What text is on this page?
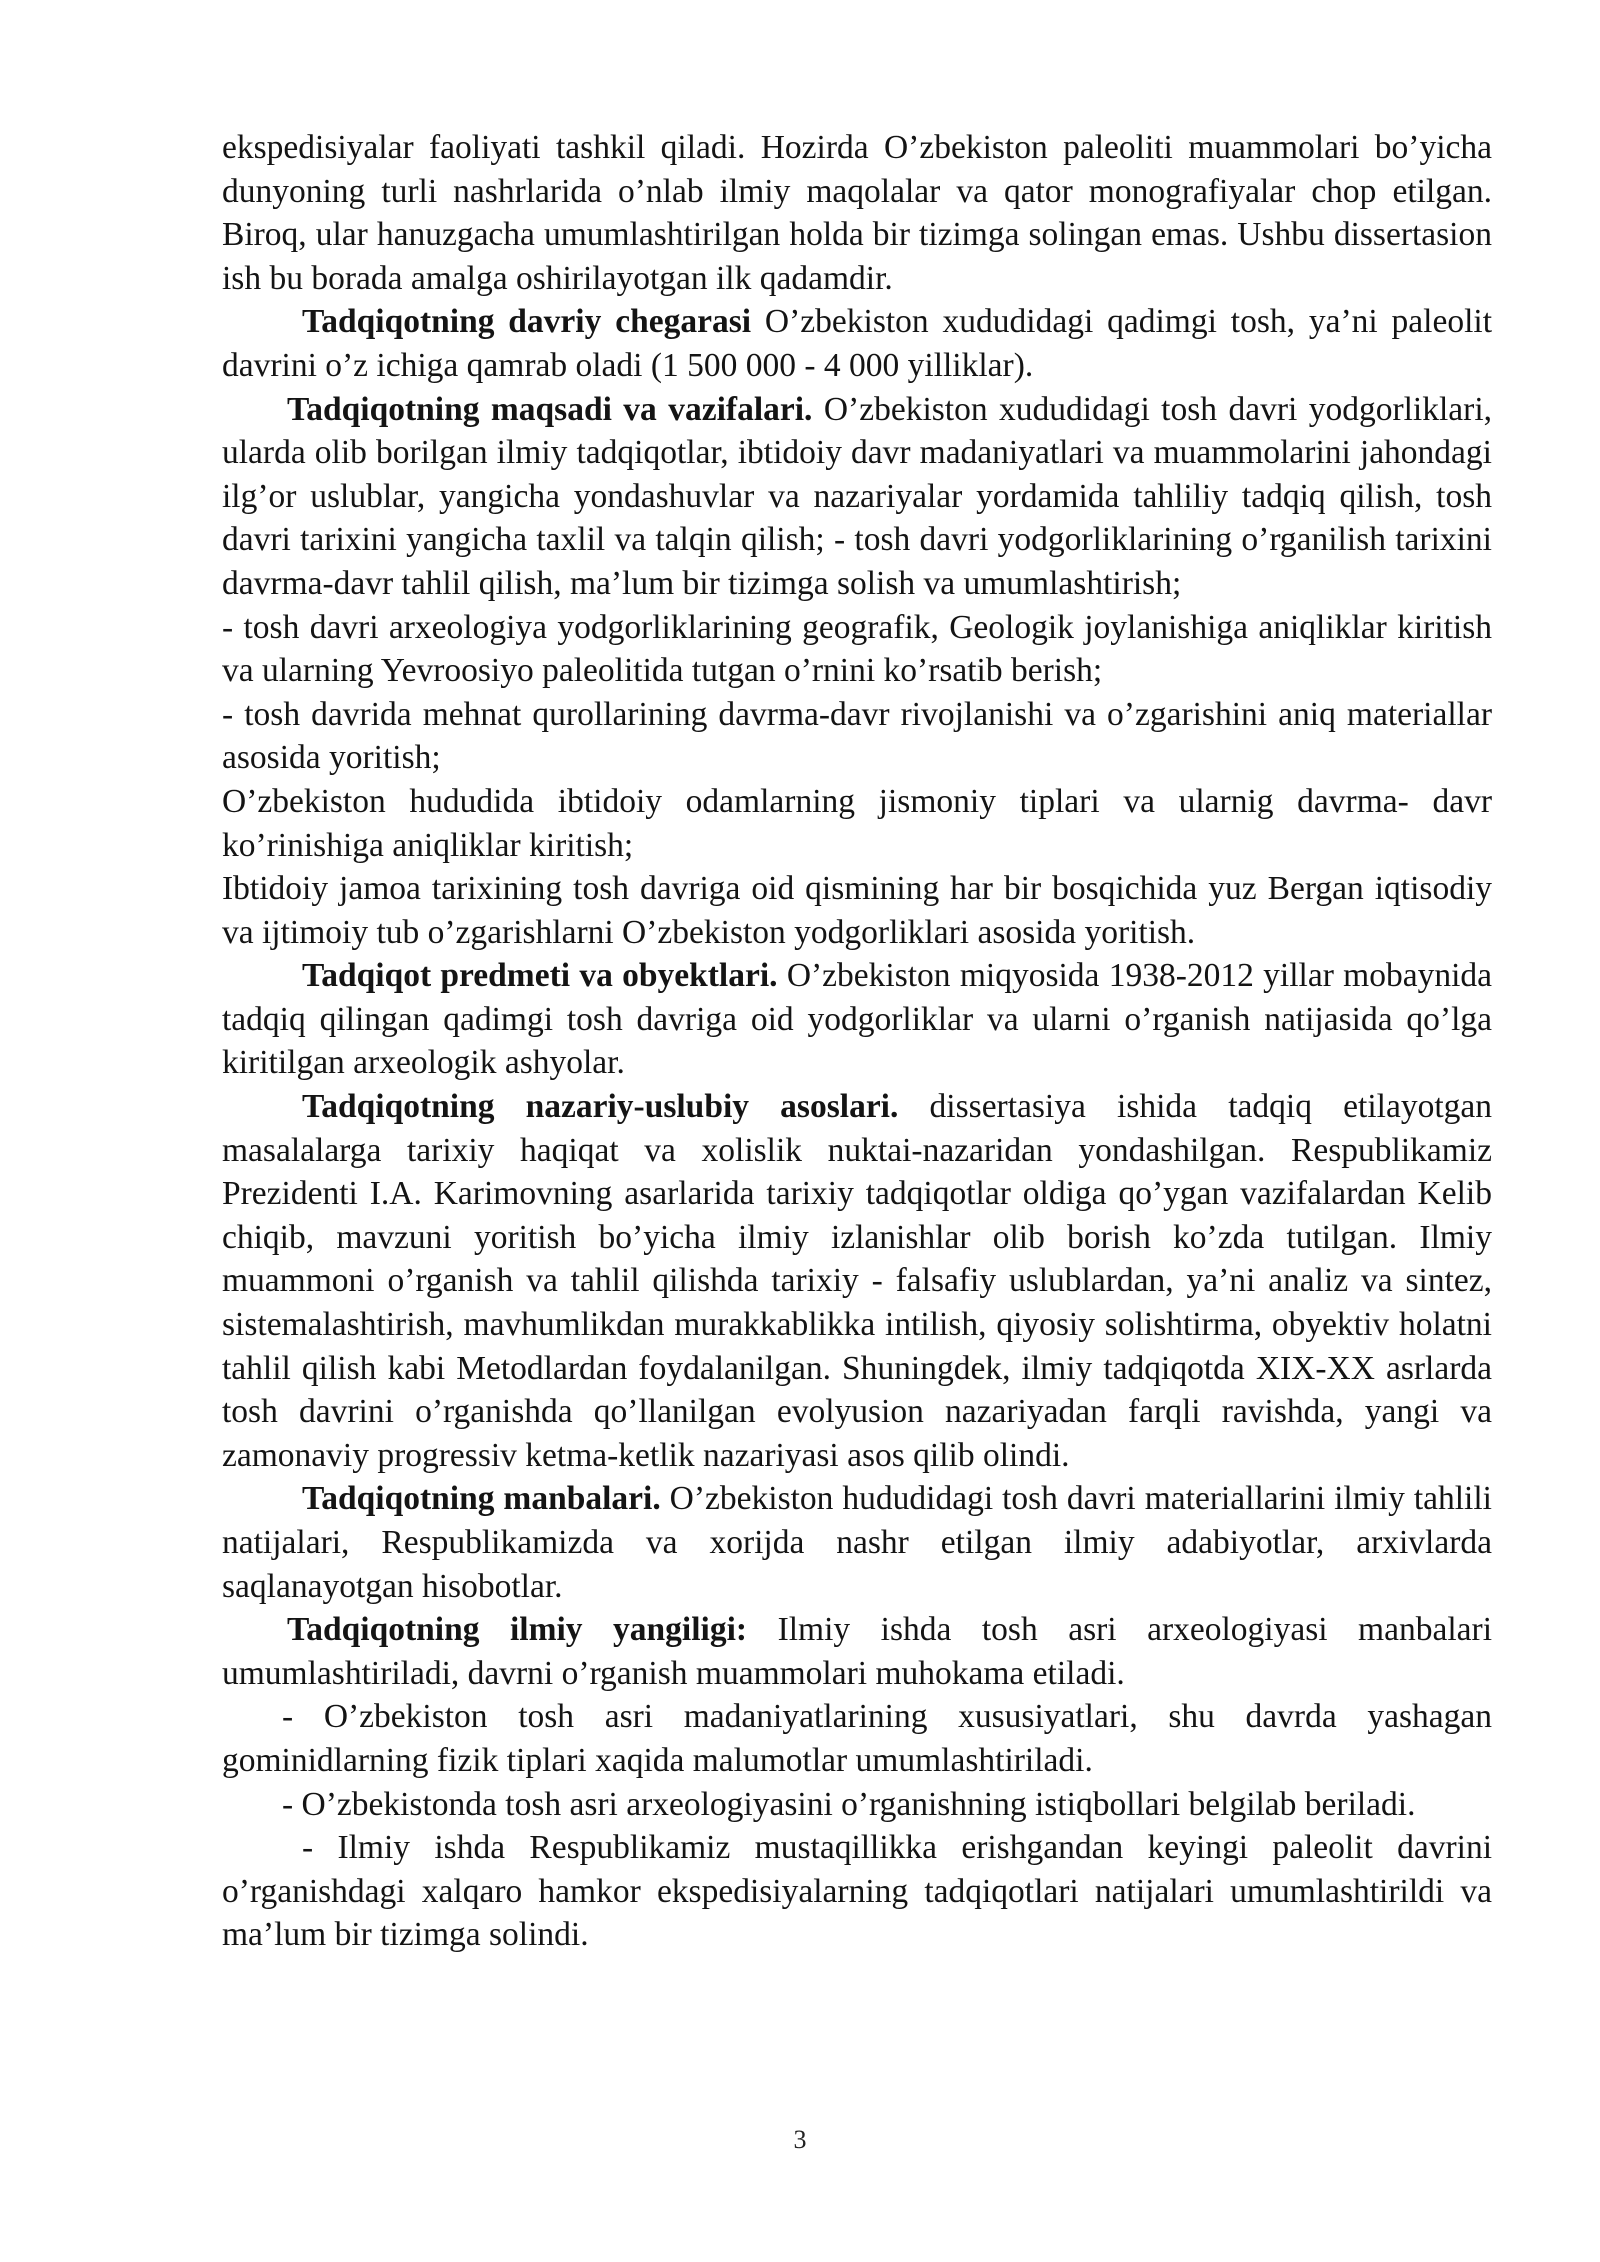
ekspedisiyalar faoliyati tashkil qiladi. Hozirda O’zbekiston paleoliti muammolari bo’yicha dunyoning turli nashrlarida o’nlab ilmiy maqolalar va qator monografiyalar chop etilgan. Biroq, ular hanuzgacha umumlashtirilgan holda bir tizimga solingan emas. Ushbu dissertasion ish bu borada amalga oshirilayotgan ilk qadamdir.

Tadqiqotning davriy chegarasi O’zbekiston xududidagi qadimgi tosh, ya’ni paleolit davrini o’z ichiga qamrab oladi (1 500 000 - 4 000 yilliklar).

Tadqiqotning maqsadi va vazifalari. O’zbekiston xududidagi tosh davri yodgorliklari, ularda olib borilgan ilmiy tadqiqotlar, ibtidoiy davr madaniyatlari va muammolarini jahondagi ilg’or uslublar, yangicha yondashuvlar va nazariyalar yordamida tahliliy tadqiq qilish, tosh davri tarixini yangicha taxlil va talqin qilish; - tosh davri yodgorliklarining o’rganilish tarixini davrma-davr tahlil qilish, ma’lum bir tizimga solish va umumlashtirish;

- tosh davri arxeologiya yodgorliklarining geografik, Geologik joylanishiga aniqliklar kiritish va ularning Yevroosiyo paleolitida tutgan o’rnini ko’rsatib berish;

- tosh davrida mehnat qurollarining davrma-davr rivojlanishi va o’zgarishini aniq materiallar asosida yoritish;

O’zbekiston hududida ibtidoiy odamlarning jismoniy tiplari va ularnig davrma- davr ko’rinishiga aniqliklar kiritish;

Ibtidoiy jamoa tarixining tosh davriga oid qismining har bir bosqichida yuz Bergan iqtisodiy va ijtimoiy tub o’zgarishlarni O’zbekiston yodgorliklari asosida yoritish.

Tadqiqot predmeti va obyektlari. O’zbekiston miqyosida 1938-2012 yillar mobaynida tadqiq qilingan qadimgi tosh davriga oid yodgorliklar va ularni o’rganish natijasida qo’lga kiritilgan arxeologik ashyolar.

Tadqiqotning nazariy-uslubiy asoslari. dissertasiya ishida tadqiq etilayotgan masalalarga tarixiy haqiqat va xolislik nuktai-nazaridan yondashilgan. Respublikamiz Prezidenti I.A. Karimovning asarlarida tarixiy tadqiqotlar oldiga qo’ygan vazifalardan Kelib chiqib, mavzuni yoritish bo’yicha ilmiy izlanishlar olib borish ko’zda tutilgan. Ilmiy muammoni o’rganish va tahlil qilishda tarixiy - falsafiy uslublardan, ya’ni analiz va sintez, sistemalashtirish, mavhumlikdan murakkablikka intilish, qiyosiy solishtirma, obyektiv holatni tahlil qilish kabi Metodlardan foydalanilgan. Shuningdek, ilmiy tadqiqotda XIX-XX asrlarda tosh davrini o’rganishda qo’llanilgan evolyusion nazariyadan farqli ravishda, yangi va zamonaviy progressiv ketma-ketlik nazariyasi asos qilib olindi.

Tadqiqotning manbalari. O’zbekiston hududidagi tosh davri materiallarini ilmiy tahlili natijalari, Respublikamizda va xorijda nashr etilgan ilmiy adabiyotlar, arxivlarda saqlanayotgan hisobotlar.

Tadqiqotning ilmiy yangiligi: Ilmiy ishda tosh asri arxeologiyasi manbalari umumlashtiriladi, davrni o’rganish muammolari muhokama etiladi.

- O’zbekiston tosh asri madaniyatlarining xususiyatlari, shu davrda yashagan gominidlarning fizik tiplari xaqida malumotlar umumlashtiriladi.

- O’zbekistonda tosh asri arxeologiyasini o’rganishning istiqbollari belgilab beriladi.

- Ilmiy ishda Respublikamiz mustaqillikka erishgandan keyingi paleolit davrini o’rganishdagi xalqaro hamkor ekspedisiyalarning tadqiqotlari natijalari umumlashtirildi va ma’lum bir tizimga solindi.

3
